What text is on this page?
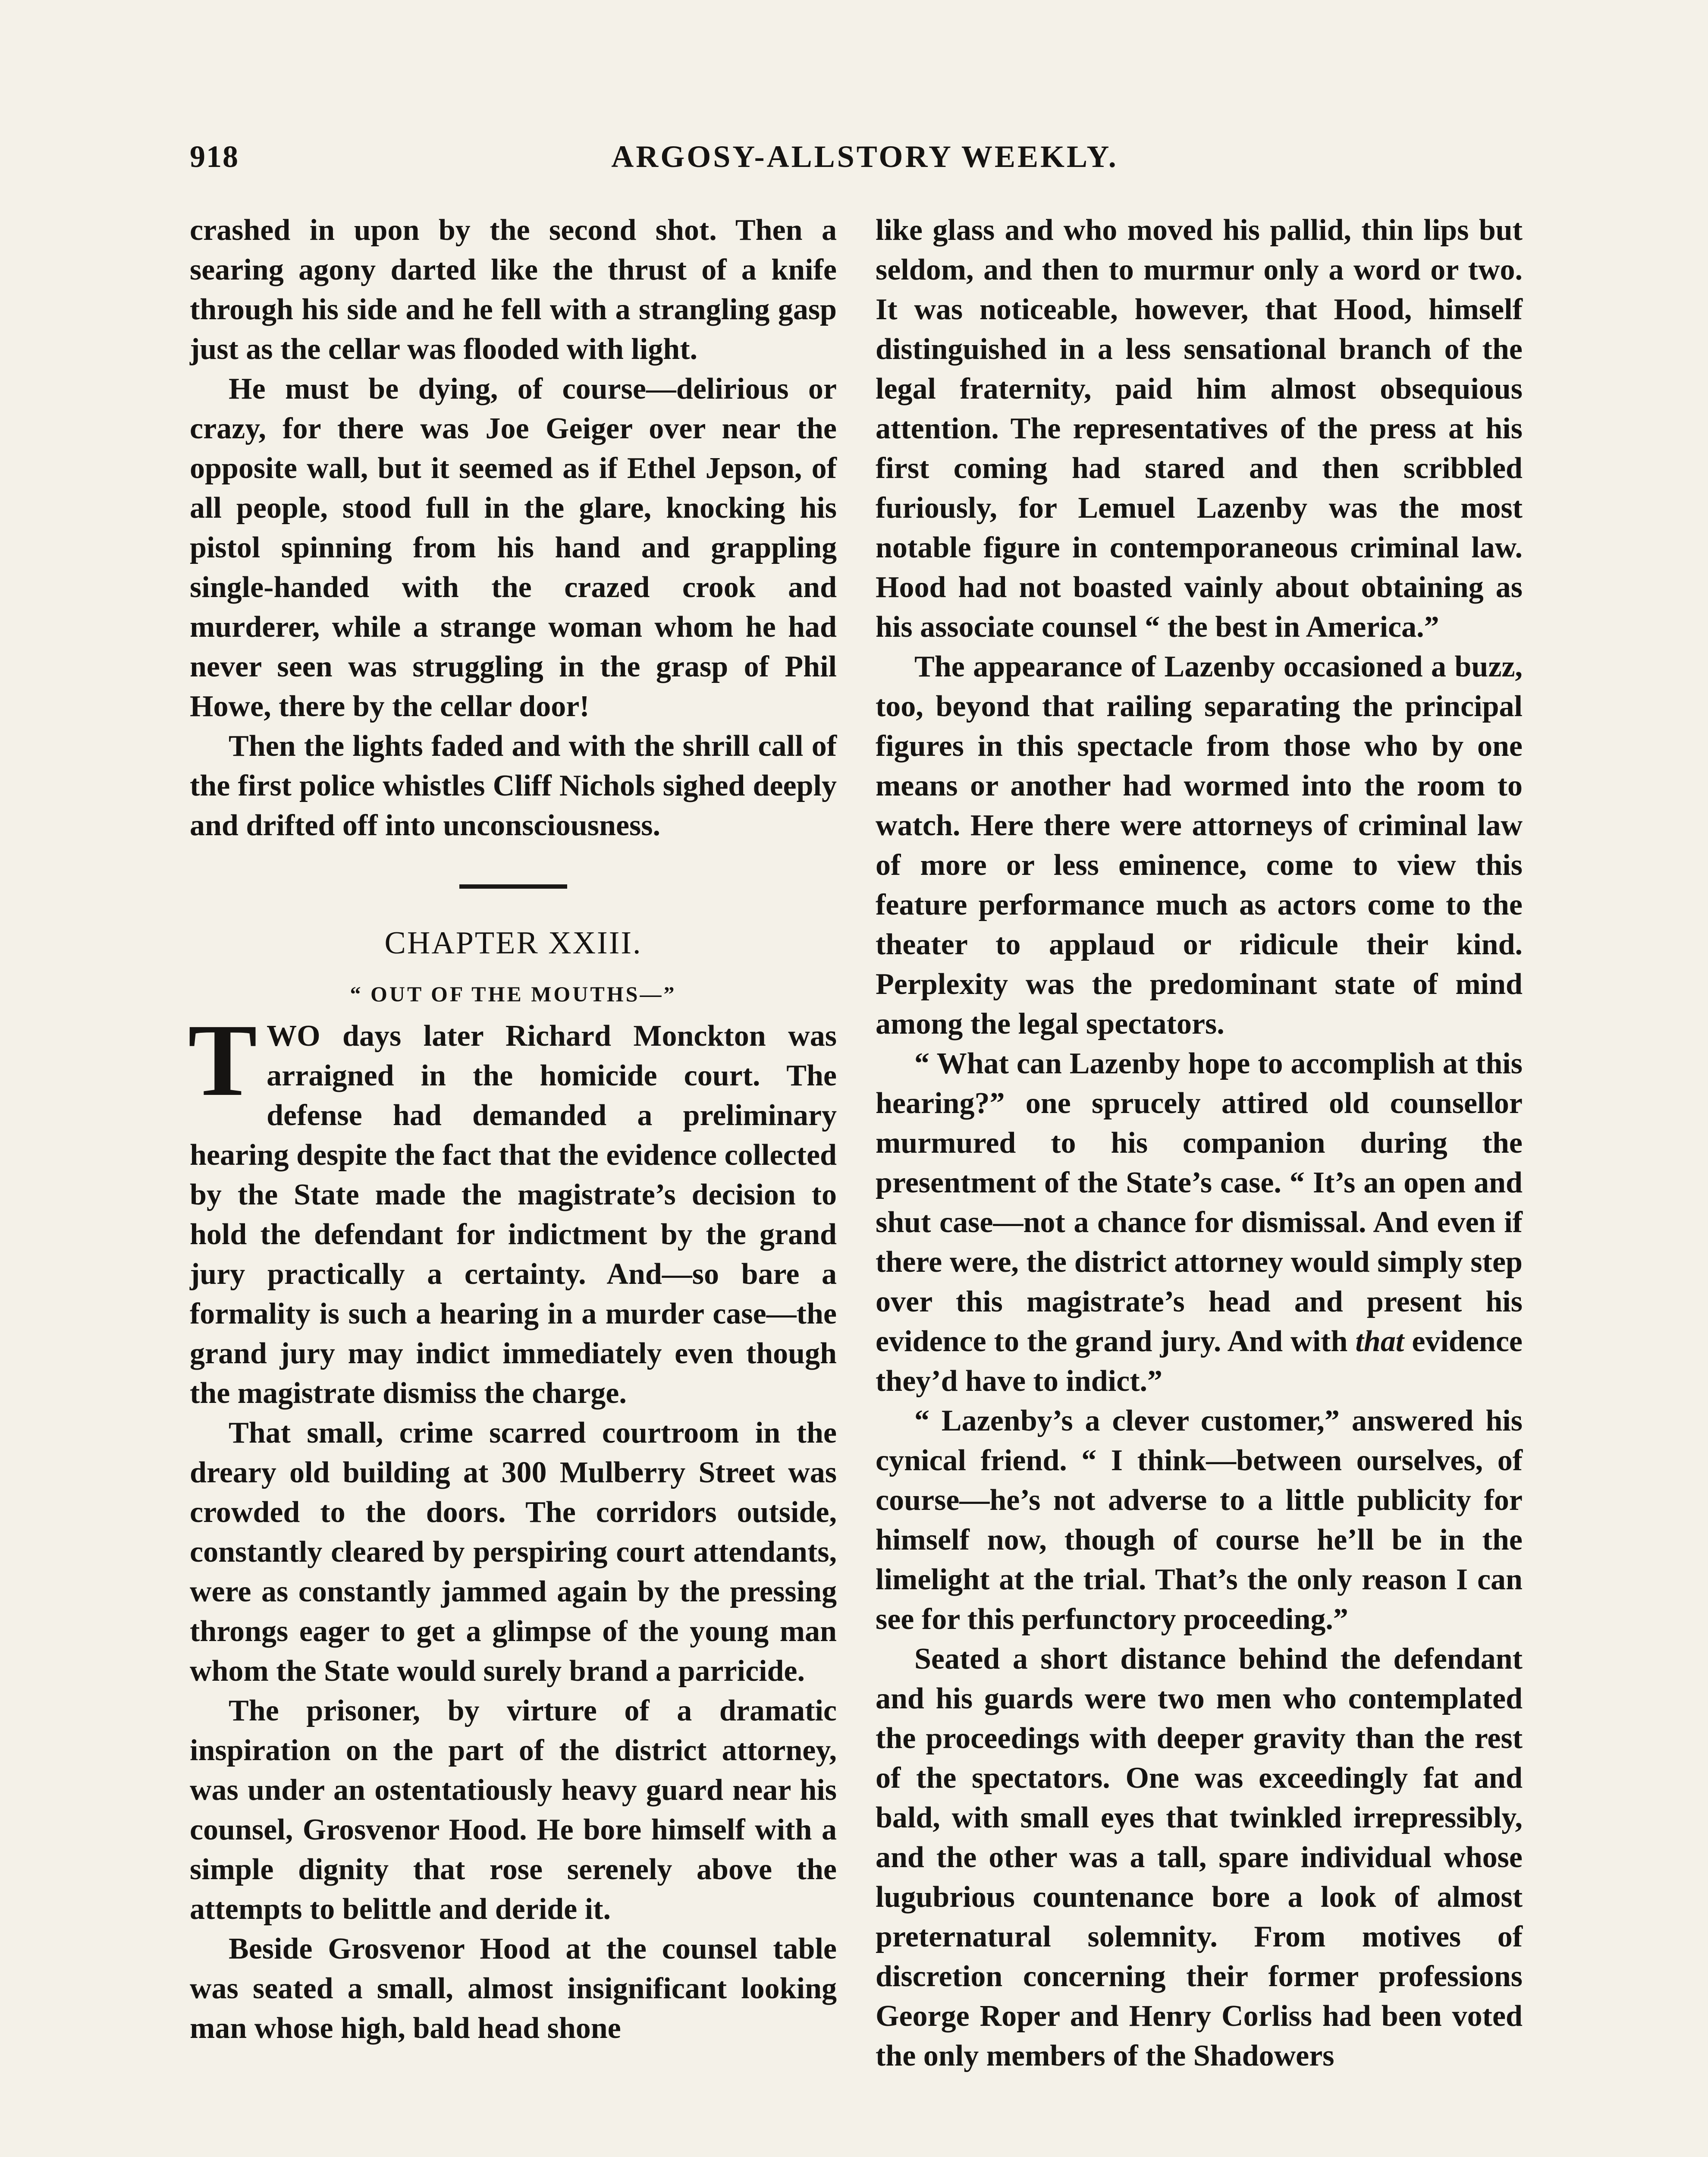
918	ARGOSY-ALLSTORY WEEKLY.

crashed in upon by the second shot. Then a searing agony darted like the thrust of a knife through his side and he fell with a strangling gasp just as the cellar was flooded with light.

He must be dying, of course—delirious or crazy, for there was Joe Geiger over near the opposite wall, but it seemed as if Ethel Jepson, of all people, stood full in the glare, knocking his pistol spinning from his hand and grappling single-handed with the crazed crook and murderer, while a strange woman whom he had never seen was struggling in the grasp of Phil Howe, there by the cellar door!

Then the lights faded and with the shrill call of the first police whistles Cliff Nichols sighed deeply and drifted off into unconsciousness.

CHAPTER XXIII.
“ OUT OF THE MOUTHS—”

TWO days later Richard Monckton was arraigned in the homicide court. The defense had demanded a preliminary hearing despite the fact that the evidence collected by the State made the magistrate’s decision to hold the defendant for indictment by the grand jury practically a certainty. And—so bare a formality is such a hearing in a murder case—the grand jury may indict immediately even though the magistrate dismiss the charge.

That small, crime scarred courtroom in the dreary old building at 300 Mulberry Street was crowded to the doors. The corridors outside, constantly cleared by perspiring court attendants, were as constantly jammed again by the pressing throngs eager to get a glimpse of the young man whom the State would surely brand a parricide.

The prisoner, by virture of a dramatic inspiration on the part of the district attorney, was under an ostentatiously heavy guard near his counsel, Grosvenor Hood. He bore himself with a simple dignity that rose serenely above the attempts to belittle and deride it.

Beside Grosvenor Hood at the counsel table was seated a small, almost insignificant looking man whose high, bald head shone

like glass and who moved his pallid, thin lips but seldom, and then to murmur only a word or two. It was noticeable, however, that Hood, himself distinguished in a less sensational branch of the legal fraternity, paid him almost obsequious attention. The representatives of the press at his first coming had stared and then scribbled furiously, for Lemuel Lazenby was the most notable figure in contemporaneous criminal law. Hood had not boasted vainly about obtaining as his associate counsel “ the best in America.”

The appearance of Lazenby occasioned a buzz, too, beyond that railing separating the principal figures in this spectacle from those who by one means or another had wormed into the room to watch. Here there were attorneys of criminal law of more or less eminence, come to view this feature performance much as actors come to the theater to applaud or ridicule their kind. Perplexity was the predominant state of mind among the legal spectators.

“ What can Lazenby hope to accomplish at this hearing?” one sprucely attired old counsellor murmured to his companion during the presentment of the State’s case. “ It’s an open and shut case—not a chance for dismissal. And even if there were, the district attorney would simply step over this magistrate’s head and present his evidence to the grand jury. And with that evidence they’d have to indict.”

“ Lazenby’s a clever customer,” answered his cynical friend. “ I think—between ourselves, of course—he’s not adverse to a little publicity for himself now, though of course he’ll be in the limelight at the trial. That’s the only reason I can see for this perfunctory proceeding.”

Seated a short distance behind the defendant and his guards were two men who contemplated the proceedings with deeper gravity than the rest of the spectators. One was exceedingly fat and bald, with small eyes that twinkled irrepressibly, and the other was a tall, spare individual whose lugubrious countenance bore a look of almost preternatural solemnity. From motives of discretion concerning their former professions George Roper and Henry Corliss had been voted the only members of the Shadowers
